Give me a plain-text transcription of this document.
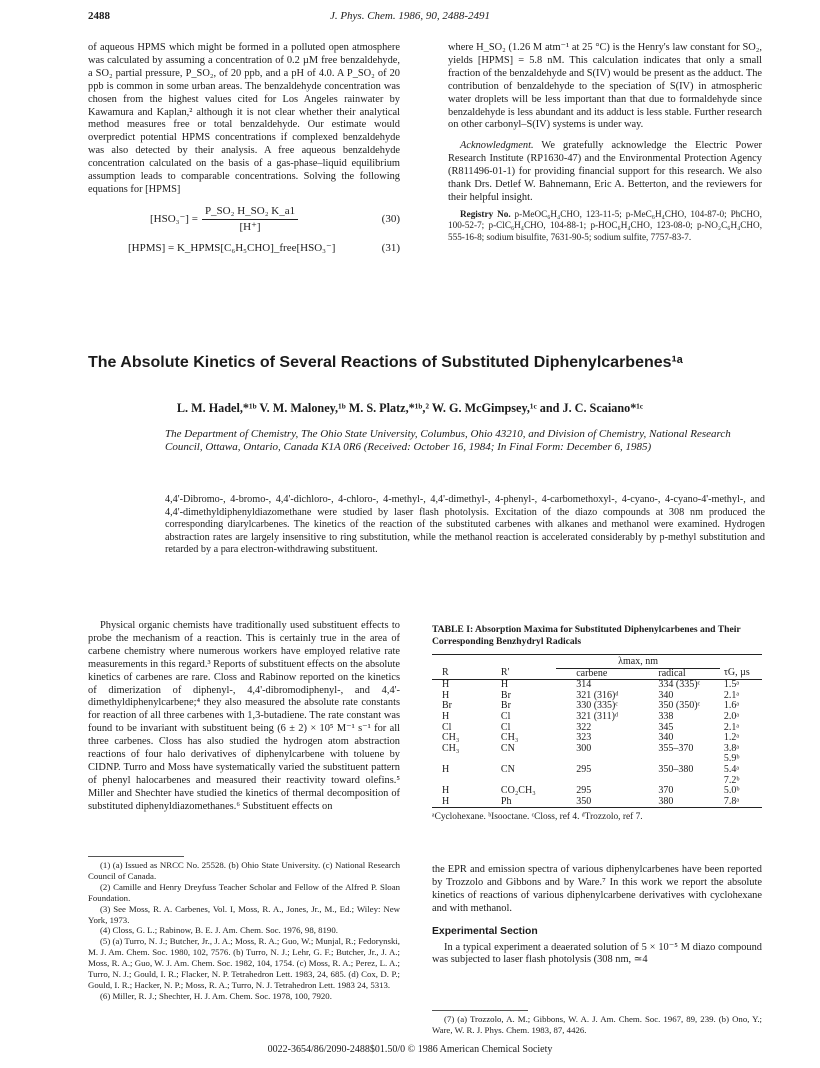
2488	J. Phys. Chem. 1986, 90, 2488-2491

of aqueous HPMS which might be formed in a polluted open atmosphere was calculated by assuming a concentration of 0.2 µM free benzaldehyde, a SO₂ partial pressure, P_SO₂, of 20 ppb, and a pH of 4.0. A P_SO₂ of 20 ppb is common in some urban areas. The benzaldehyde concentration was chosen from the highest values cited for Los Angeles rainwater by Kawamura and Kaplan,² although it is not clear whether their analytical method measures free or total benzaldehyde. Our estimate would overpredict potential HPMS concentrations if complexed benzaldehyde was also detected by their analysis. A free aqueous benzaldehyde concentration calculated on the basis of a gas-phase–liquid equilibrium assumption leads to comparable concentrations. Solving the following equations for [HPMS]

$[HSO_3^-] = \frac{\text{P\_SO₂ H\_SO₂ K\_a1}}{[H^+]}$	(30)
[HPMS] = K_HPMS[C₆H₅CHO]_free[HSO₃⁻]	(31)

where H_SO₂ (1.26 M atm⁻¹ at 25 °C) is the Henry's law constant for SO₂, yields [HPMS] = 5.8 nM. This calculation indicates that only a small fraction of the benzaldehyde and S(IV) would be present as the adduct. The contribution of benzaldehyde to the speciation of S(IV) in atmospheric water droplets will be less important than that due to formaldehyde since benzaldehyde is less abundant and its adduct is less stable. Further research on other carbonyl–S(IV) systems is under way.

Acknowledgment. We gratefully acknowledge the Electric Power Research Institute (RP1630-47) and the Environmental Protection Agency (R811496-01-1) for providing financial support for this research. We also thank Drs. Detlef W. Bahnemann, Eric A. Betterton, and the reviewers for their helpful insight.

Registry No. p-MeOC₆H₄CHO, 123-11-5; p-MeC₆H₄CHO, 104-87-0; PhCHO, 100-52-7; p-ClC₆H₄CHO, 104-88-1; p-HOC₆H₄CHO, 123-08-0; p-NO₂C₆H₄CHO, 555-16-8; sodium bisulfite, 7631-90-5; sodium sulfite, 7757-83-7.

The Absolute Kinetics of Several Reactions of Substituted Diphenylcarbenes¹ᵃ
L. M. Hadel,*¹ᵇ V. M. Maloney,¹ᵇ M. S. Platz,*¹ᵇ,² W. G. McGimpsey,¹ᶜ and J. C. Scaiano*¹ᶜ
The Department of Chemistry, The Ohio State University, Columbus, Ohio 43210, and Division of Chemistry, National Research Council, Ottawa, Ontario, Canada K1A 0R6 (Received: October 16, 1984; In Final Form: December 6, 1985)
4,4'-Dibromo-, 4-bromo-, 4,4'-dichloro-, 4-chloro-, 4-methyl-, 4,4'-dimethyl-, 4-phenyl-, 4-carbomethoxyl-, 4-cyano-, 4-cyano-4'-methyl-, and 4,4'-dimethyldiphenyldiazomethane were studied by laser flash photolysis. Excitation of the diazo compounds at 308 nm produced the corresponding diarylcarbenes. The kinetics of the reaction of the substituted carbenes with alkanes and methanol were examined. Hydrogen abstraction rates are largely insensitive to ring substitution, while the methanol reaction is accelerated considerably by p-methyl substitution and retarded by a para electron-withdrawing substituent.

Physical organic chemists have traditionally used substituent effects to probe the mechanism of a reaction. This is certainly true in the area of carbene chemistry where numerous workers have employed relative rate measurements in this regard.³ Reports of substituent effects on the absolute kinetics of carbenes are rare. Closs and Rabinow reported on the kinetics of dimerization of diphenyl-, 4,4'-dibromodiphenyl-, and 4,4'-dimethyldiphenylcarbene;⁴ they also measured the absolute rate constants for reaction of all three carbenes with 1,3-butadiene. The rate constant was found to be invariant with substituent being (6 ± 2) × 10⁵ M⁻¹ s⁻¹ for all three carbenes. Closs has also studied the hydrogen atom abstraction reactions of four halo derivatives of diphenylcarbene with toluene by CIDNP. Turro and Moss have systematically varied the substituent pattern of phenyl halocarbenes and measured their reactivity toward olefins.⁵ Miller and Shechter have studied the kinetics of thermal decomposition of substituted diphenyldiazomethanes.⁶ Substituent effects on

(1) (a) Issued as NRCC No. 25528. (b) Ohio State University. (c) National Research Council of Canada.

(2) Camille and Henry Dreyfuss Teacher Scholar and Fellow of the Alfred P. Sloan Foundation.

(3) See Moss, R. A. Carbenes, Vol. I, Moss, R. A., Jones, Jr., M., Ed.; Wiley: New York, 1973.

(4) Closs, G. L.; Rabinow, B. E. J. Am. Chem. Soc. 1976, 98, 8190.

(5) (a) Turro, N. J.; Butcher, Jr., J. A.; Moss, R. A.; Guo, W.; Munjal, R.; Fedorynski, M. J. Am. Chem. Soc. 1980, 102, 7576. (b) Turro, N. J.; Lehr, G. F.; Butcher, Jr., J. A.; Moss, R. A.; Guo, W. J. Am. Chem. Soc. 1982, 104, 1754. (c) Moss, R. A.; Perez, L. A.; Turro, N. J.; Gould, I. R.; Flacker, N. P. Tetrahedron Lett. 1983, 24, 685. (d) Cox, D. P.; Gould, I. R.; Hacker, N. P.; Moss, R. A.; Turro, N. J. Tetrahedron Lett. 1983 24, 5313.

(6) Miller, R. J.; Shechter, H. J. Am. Chem. Soc. 1978, 100, 7920.

TABLE I: Absorption Maxima for Substituted Diphenylcarbenes and Their Corresponding Benzhydryl Radicals
		λmax, nm		
R	R'	carbene	radical	τG, µs
H	H	314	334 (335)ᶜ	1.5ᵃ
H	Br	321 (316)ᵈ	340	2.1ᵃ
Br	Br	330 (335)ᶜ	350 (350)ᶜ	1.6ᵃ
H	Cl	321 (311)ᵈ	338	2.0ᵃ
Cl	Cl	322	345	2.1ᵃ
CH₃	CH₃	323	340	1.2ᵃ
CH₃	CN	300	355–370	3.8ᵃ
				5.9ᵇ
H	CN	295	350–380	5.4ᵃ
				7.2ᵇ
H	CO₂CH₃	295	370	5.0ᵇ
H	Ph	350	380	7.8ᵃ
ᵃCyclohexane. ᵇIsooctane. ᶜCloss, ref 4. ᵈTrozzolo, ref 7.

the EPR and emission spectra of various diphenylcarbenes have been reported by Trozzolo and Gibbons and by Ware.⁷ In this work we report the absolute kinetics of reactions of various diphenylcarbene derivatives with cyclohexane and with methanol.

Experimental Section

In a typical experiment a deaerated solution of 5 × 10⁻⁵ M diazo compound was subjected to laser flash photolysis (308 nm, ≃4

(7) (a) Trozzolo, A. M.; Gibbons, W. A. J. Am. Chem. Soc. 1967, 89, 239. (b) Ono, Y.; Ware, W. R. J. Phys. Chem. 1983, 87, 4426.

0022-3654/86/2090-2488$01.50/0 © 1986 American Chemical Society
